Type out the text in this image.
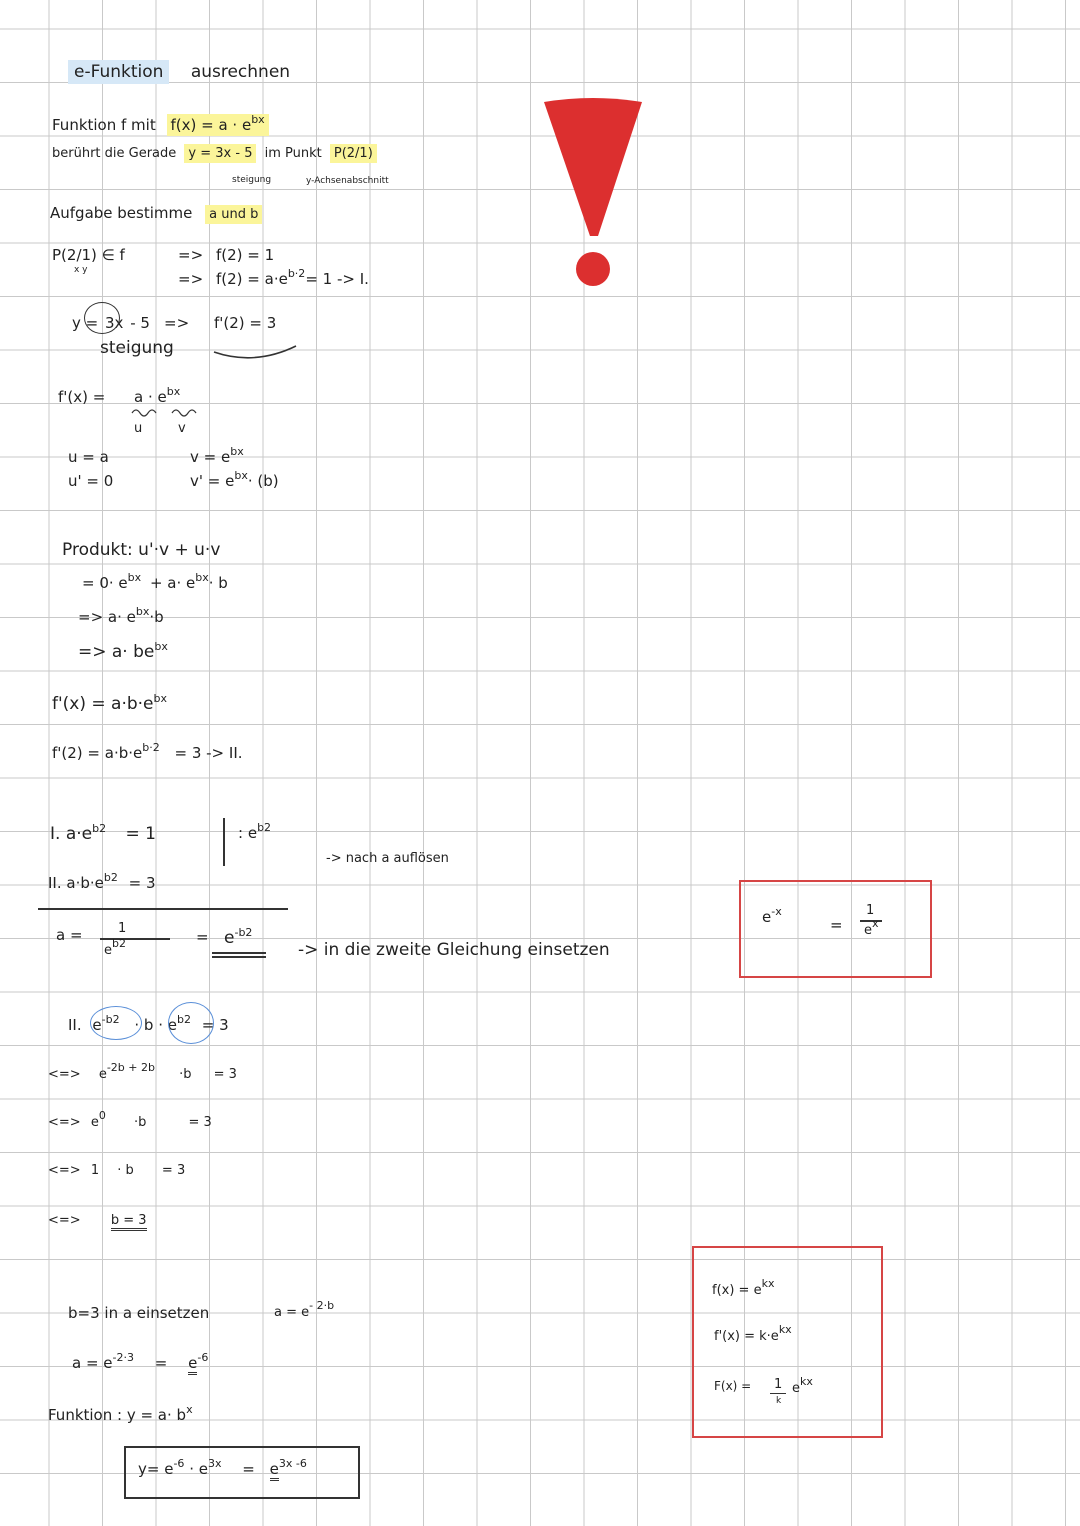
e-Funktion ausrechnen
Funktion f mit $f(x) = a \cdot e^{bx}$
berührt die Gerade y = 3x - 5 im Punkt P(2/1)
steigung	y-Achsenabschnitt
Aufgabe bestimme a und b
P(2/1) ∈ f
x y
=> f(2) = 1
=> $f(2) = a\cdot e^{b\cdot 2}= 1 -> I$.
y = 3x - 5 => f'(2) = 3
steigung
$f'(x) = a \cdot e^{bx}$
u	v
u = a
u' = 0
$v = e^{bx}$
$v' = e^{bx}\cdot (b)$
Produkt: u'·v + u·v
= $0\cdot e^{bx} + a\cdot e^{bx}\cdot b$
=> $a\cdot e^{bx}\cdot b$
=> $a\cdot be^{bx}$
$f'(x) = a\cdot b\cdot e^{bx}$
$f'(2) = a\cdot b\cdot e^{b\cdot 2} = 3$ -> II.
I. $a\cdot e^{b2} = 1$	: $e^{b2}$
-> nach a auflösen
II. $a\cdot b\cdot e^{b2} = 3$
a =	1
$e^{b2}$	= $e^{-b2}$
-> in die zweite Gleichung einsetzen
II. $e^{-b2} \cdot b \cdot e^{b2} = 3$
<=> $e^{-2b + 2b} \cdot b = 3$
<=> $e^0 \cdot b$	= 3
<=> 1 · b = 3
<=> b = 3
b=3 in a einsetzen	$a = e^{- 2\cdot b}$
$a = e^{-2\cdot 3} = e^{-6}$
Funktion : $y = a\cdot b^x$
$y= e^{-6} \cdot e^{3x} = e^{3x -6}$
$e^{-x}$
=
1
$e^x$
$f(x) = e^{kx}$
$f'(x) = k\cdot e^{kx}$
F(x) = 1
k
$e^{kx}$
